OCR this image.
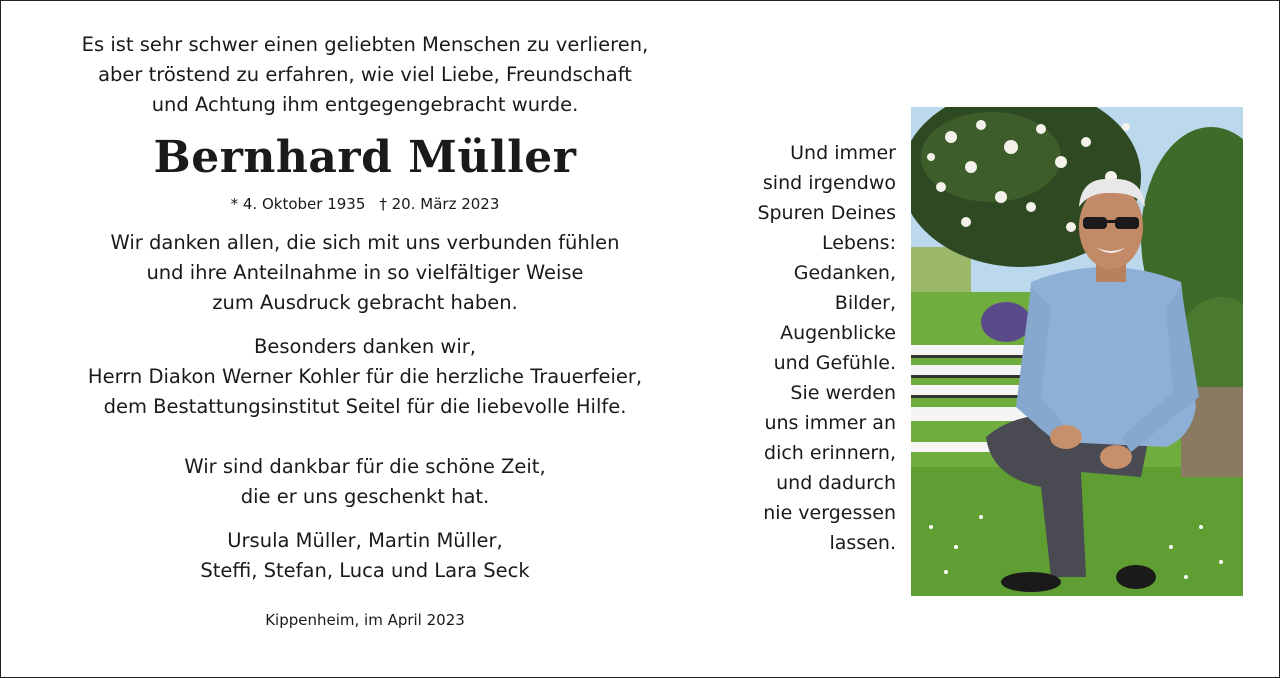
Es ist sehr schwer einen geliebten Menschen zu verlieren,
aber tröstend zu erfahren, wie viel Liebe, Freundschaft
und Achtung ihm entgegengebracht wurde.

Bernhard Müller

* 4. Oktober 1935 † 20. März 2023

Wir danken allen, die sich mit uns verbunden fühlen
und ihre Anteilnahme in so vielfältiger Weise
zum Ausdruck gebracht haben.

Besonders danken wir,
Herrn Diakon Werner Kohler für die herzliche Trauerfeier,
dem Bestattungsinstitut Seitel für die liebevolle Hilfe.

Wir sind dankbar für die schöne Zeit,
die er uns geschenkt hat.

Ursula Müller, Martin Müller,
Steffi, Stefan, Luca und Lara Seck

Kippenheim, im April 2023

Und immer
sind irgendwo
Spuren Deines
Lebens:
Gedanken,
Bilder,
Augenblicke
und Gefühle.
Sie werden
uns immer an
dich erinnern,
und dadurch
nie vergessen
lassen.
